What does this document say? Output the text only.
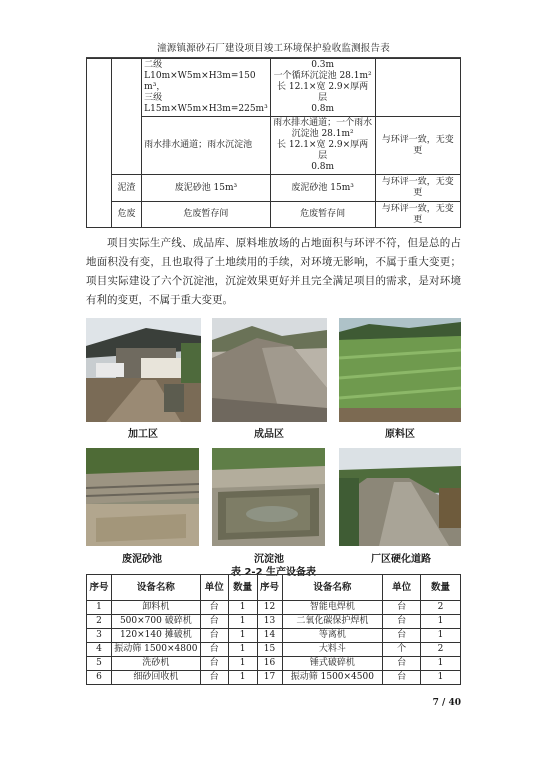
潼源镇源砂石厂建设项目竣工环境保护验收监测报告表
		二级 L10m×W5m×H3m=150 m³，
三级 L15m×W5m×H3m=225m³	0.3m
一个循环沉淀池 28.1m²
长 12.1×宽 2.9×厚两层
0.8m	
		雨水排水通道；雨水沉淀池	雨水排水通道；一个雨水沉淀池 28.1m²
长 12.1×宽 2.9×厚两层
0.8m	与环评一致，无变更
	泥渣	废泥砂池 15m³	废泥砂池 15m³	与环评一致，无变更
	危废	危废暂存间	危废暂存间	与环评一致，无变更
项目实际生产线、成品库、原料堆放场的占地面积与环评不符，但是总的占地面积没有变，且也取得了土地续用的手续，对环境无影响，不属于重大变更；项目实际建设了六个沉淀池，沉淀效果更好并且完全满足项目的需求，是对环境有利的变更，不属于重大变更。
加工区	成品区	原料区
废泥砂池	沉淀池	厂区硬化道路
表 2-2 生产设备表
序号	设备名称	单位	数量	序号	设备名称	单位	数量
1	卸料机	台	1	12	智能电焊机	台	2
2	500×700 破碎机	台	1	13	二氧化碳保护焊机	台	1
3	120×140 摊破机	台	1	14	等离机	台	1
4	振动筛 1500×4800	台	1	15	大料斗	个	2
5	洗砂机	台	1	16	锤式破碎机	台	1
6	细砂回收机	台	1	17	振动筛 1500×4500	台	1
7 / 40
